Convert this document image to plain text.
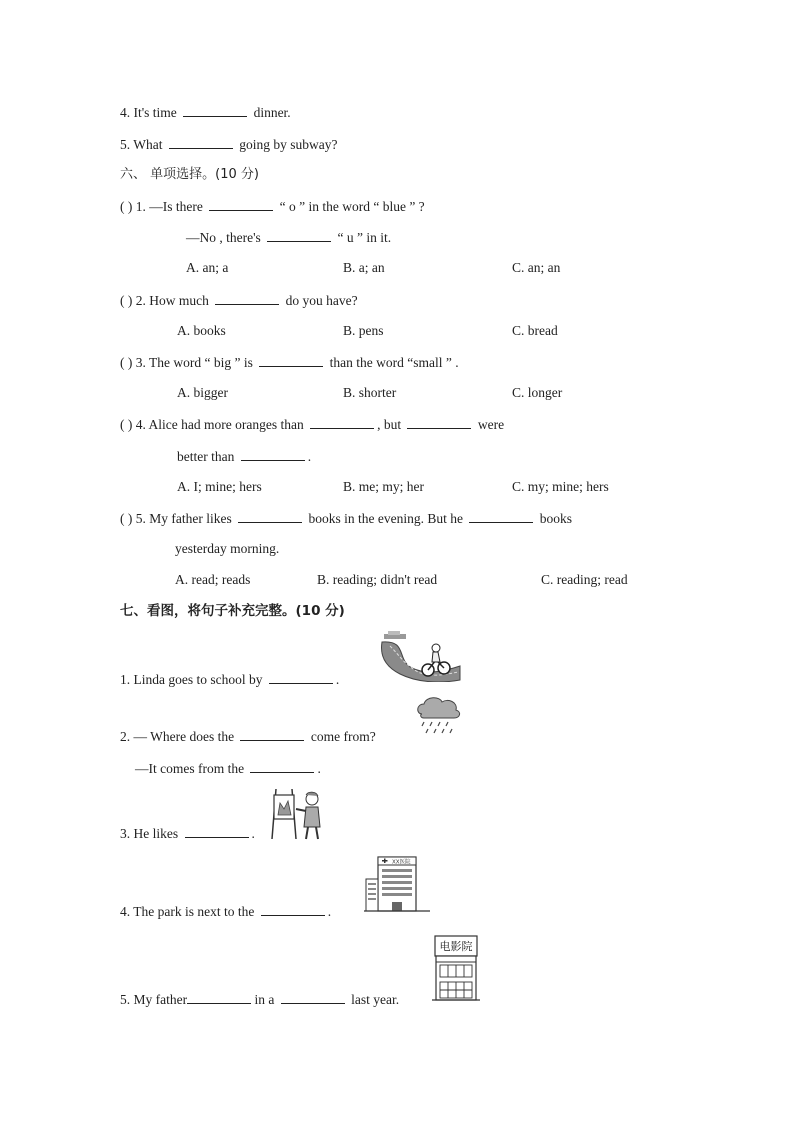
4. It's time	dinner.
5. What	going by subway?
六、 单项选择。(10 分)
( ) 1. —Is there	“ o ” in the word “ blue ” ?
—No , there's	“ u ” in it.
A. an; a	B. a; an	C. an; an
( ) 2. How much	do you have?
A. books	B. pens	C. bread
( ) 3. The word “ big ” is	than the word “small ” .
A. bigger	B. shorter	C. longer
( ) 4. Alice had more oranges than	, but	were
better than	.
A. I; mine; hers	B. me; my; her	C. my; mine; hers
( ) 5. My father likes	books in the evening. But he	books
yesterday morning.
A. read; reads	B. reading; didn't read	C. reading; read
七、看图，将句子补充完整。(10 分)
1. Linda goes to school by	.
2. — Where does the	come from?
—It comes from the	.
3. He likes	.
4. The park is next to the	.
5. My father	in a	last year.
XX医院
电影院
